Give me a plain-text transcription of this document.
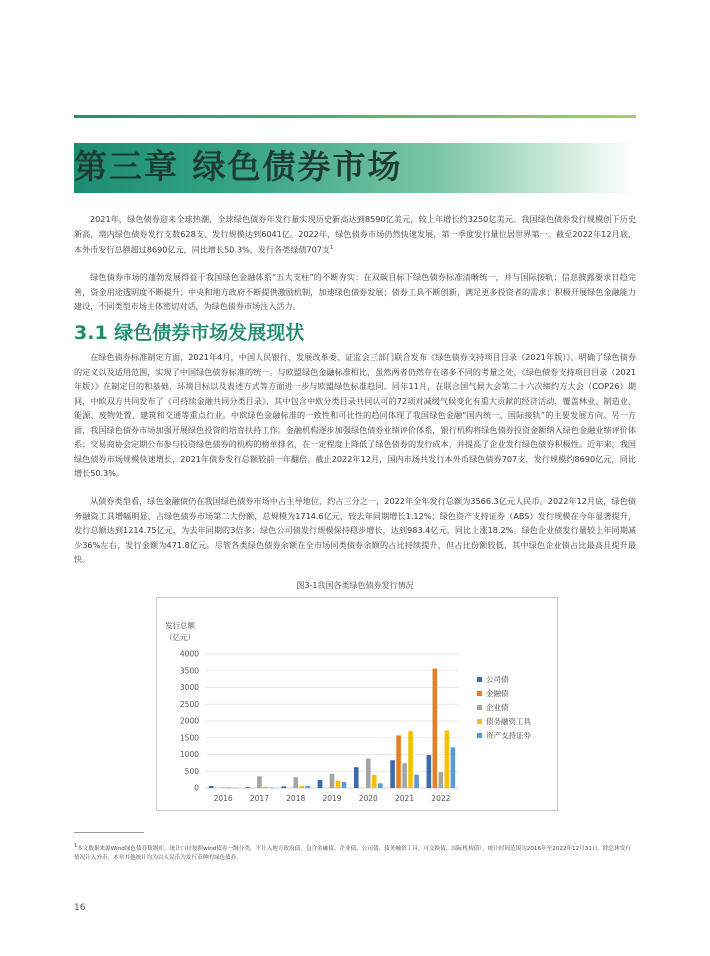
第三章 绿色债券市场

2021年，绿色债券迎来全球热潮，全球绿色债券年发行量实现历史新高达到8590亿美元，较上年增长约3250亿美元。我国绿色债券发行规模创下历史新高，境内绿色债券发行支数628支、发行规模达到6041亿。2022年，绿色债券市场仍然快速发展，第一季度发行量位居世界第一。截至2022年12月底，本外币发行总额超过8690亿元，同比增长50.3%，发行各类绿债707支$^1$

绿色债券市场的蓬勃发展得益于我国绿色金融体系“五大支柱”的不断夯实：在双碳目标下绿色债券标准清晰统一，并与国际接轨；信息披露要求日趋完善，资金用途透明度不断提升；中央和地方政府不断提供激励机制，加速绿色债券发展；债券工具不断创新，满足更多投资者的需求；积极开展绿色金融能力建设，不同类型市场主体密切对话，为绿色债券市场注入活力。

3.1 绿色债券市场发展现状

在绿色债券标准制定方面，2021年4月，中国人民银行、发展改革委、证监会三部门联合发布《绿色债券支持项目目录（2021年版）》，明确了绿色债券的定义以及适用范围，实现了中国绿色债券标准的统一。与欧盟绿色金融标准相比，虽然两者仍然存在诸多不同的考量之处，《绿色债券支持项目目录（2021年版）》在制定目的和基础、环境目标以及表述方式等方面进一步与欧盟绿色标准趋同。同年11月，在联合国气候大会第二十六次缔约方大会（COP26）期间，中欧双方共同发布了《可持续金融共同分类目录》，其中包含中欧分类目录共同认可的72项对减缓气候变化有重大贡献的经济活动，覆盖林业、制造业、能源、废物处置、建筑和交通等重点行业。中欧绿色金融标准的一致性和可比性的趋同体现了我国绿色金融“国内统一、国际接轨”的主要发展方向。另一方面，我国绿色债券市场加强开展绿色投资的培育扶持工作。金融机构逐步加强绿色债券业绩评价体系，银行机构将绿色债券投资金额纳入绿色金融业绩评价体系；交易商协会定期公布参与投资绿色债券的机构的榜单排名，在一定程度上降低了绿色债券的发行成本，并提高了企业发行绿色债券积极性。近年来，我国绿色债券市场规模快速增长，2021年债券发行总额较前一年翻倍。截止2022年12月，国内市场共发行本外币绿色债券707支，发行规模约8690亿元，同比增长50.3%。

从债券类型看，绿色金融债仍在我国绿色债券市场中占主导地位，约占三分之一，2022年全年发行总额为3566.3亿元人民币。2022年12月底，绿色债务融资工具增幅明显，占绿色债券市场第二大份额，总规模为1714.6亿元，较去年同期增长1.12%；绿色资产支持证券（ABS）发行规模在今年显著提升，发行总额达到1214.75亿元，为去年同期的3倍多；绿色公司债发行规模保持稳步增长，达到983.4亿元，同比上涨18.2%。绿色企业债发行量较上年同期减少36%左右，发行金额为471.8亿元。尽管各类绿色债券余额在全市场同类债券余额的占比持续提升，但占比份额较低，其中绿色企业债占比最高且提升最快。

图3-1我国各类绿色债券发行情况
发行总额
（亿元）
0
500
1000
1500
2000
2500
3000
3500
4000
2016 2017 2018 2019 2020 2021 2022
公司债
金融债
企业债
债务融资工具
资产支持证券

$^1$本文数据来源Wind绿色债券数据库。统计口径按照wind债券一级分类，不计入地方政府债，包含金融债、企业债、公司债、债务融资工具、可交换债、国际机构债）。统计时间范围为2016年至2022年12月31日。除总体发行情况计入外币，本章其他统计均为以人民币为发行币种的绿色债券。

16
